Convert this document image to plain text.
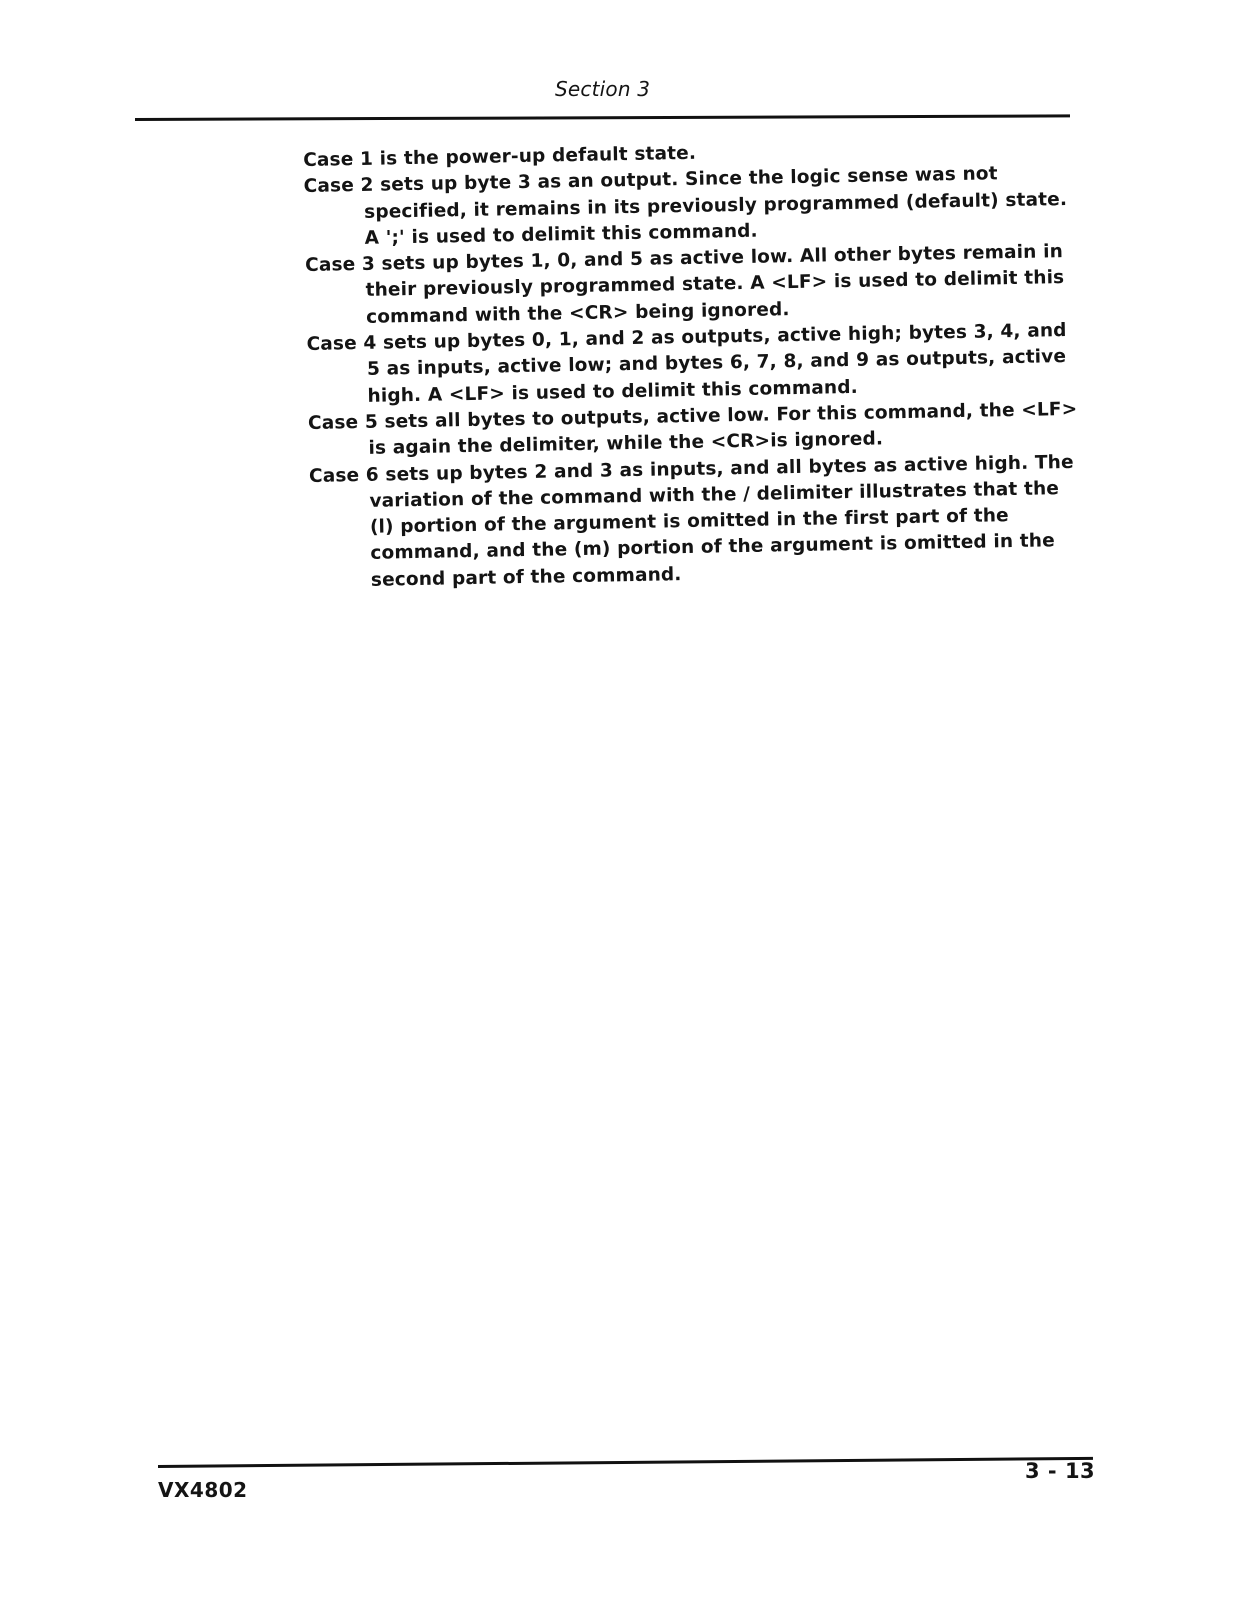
Section 3

Case 1 is the power-up default state.

Case 2 sets up byte 3 as an output. Since the logic sense was not specified, it remains in its previously programmed (default) state. A ';' is used to delimit this command.

Case 3 sets up bytes 1, 0, and 5 as active low. All other bytes remain in their previously programmed state. A <LF> is used to delimit this command with the <CR> being ignored.

Case 4 sets up bytes 0, 1, and 2 as outputs, active high; bytes 3, 4, and 5 as inputs, active low; and bytes 6, 7, 8, and 9 as outputs, active high. A <LF> is used to delimit this command.

Case 5 sets all bytes to outputs, active low. For this command, the <LF> is again the delimiter, while the <CR>is ignored.

Case 6 sets up bytes 2 and 3 as inputs, and all bytes as active high. The variation of the command with the / delimiter illustrates that the (l) portion of the argument is omitted in the first part of the command, and the (m) portion of the argument is omitted in the second part of the command.

VX4802
3 - 13
